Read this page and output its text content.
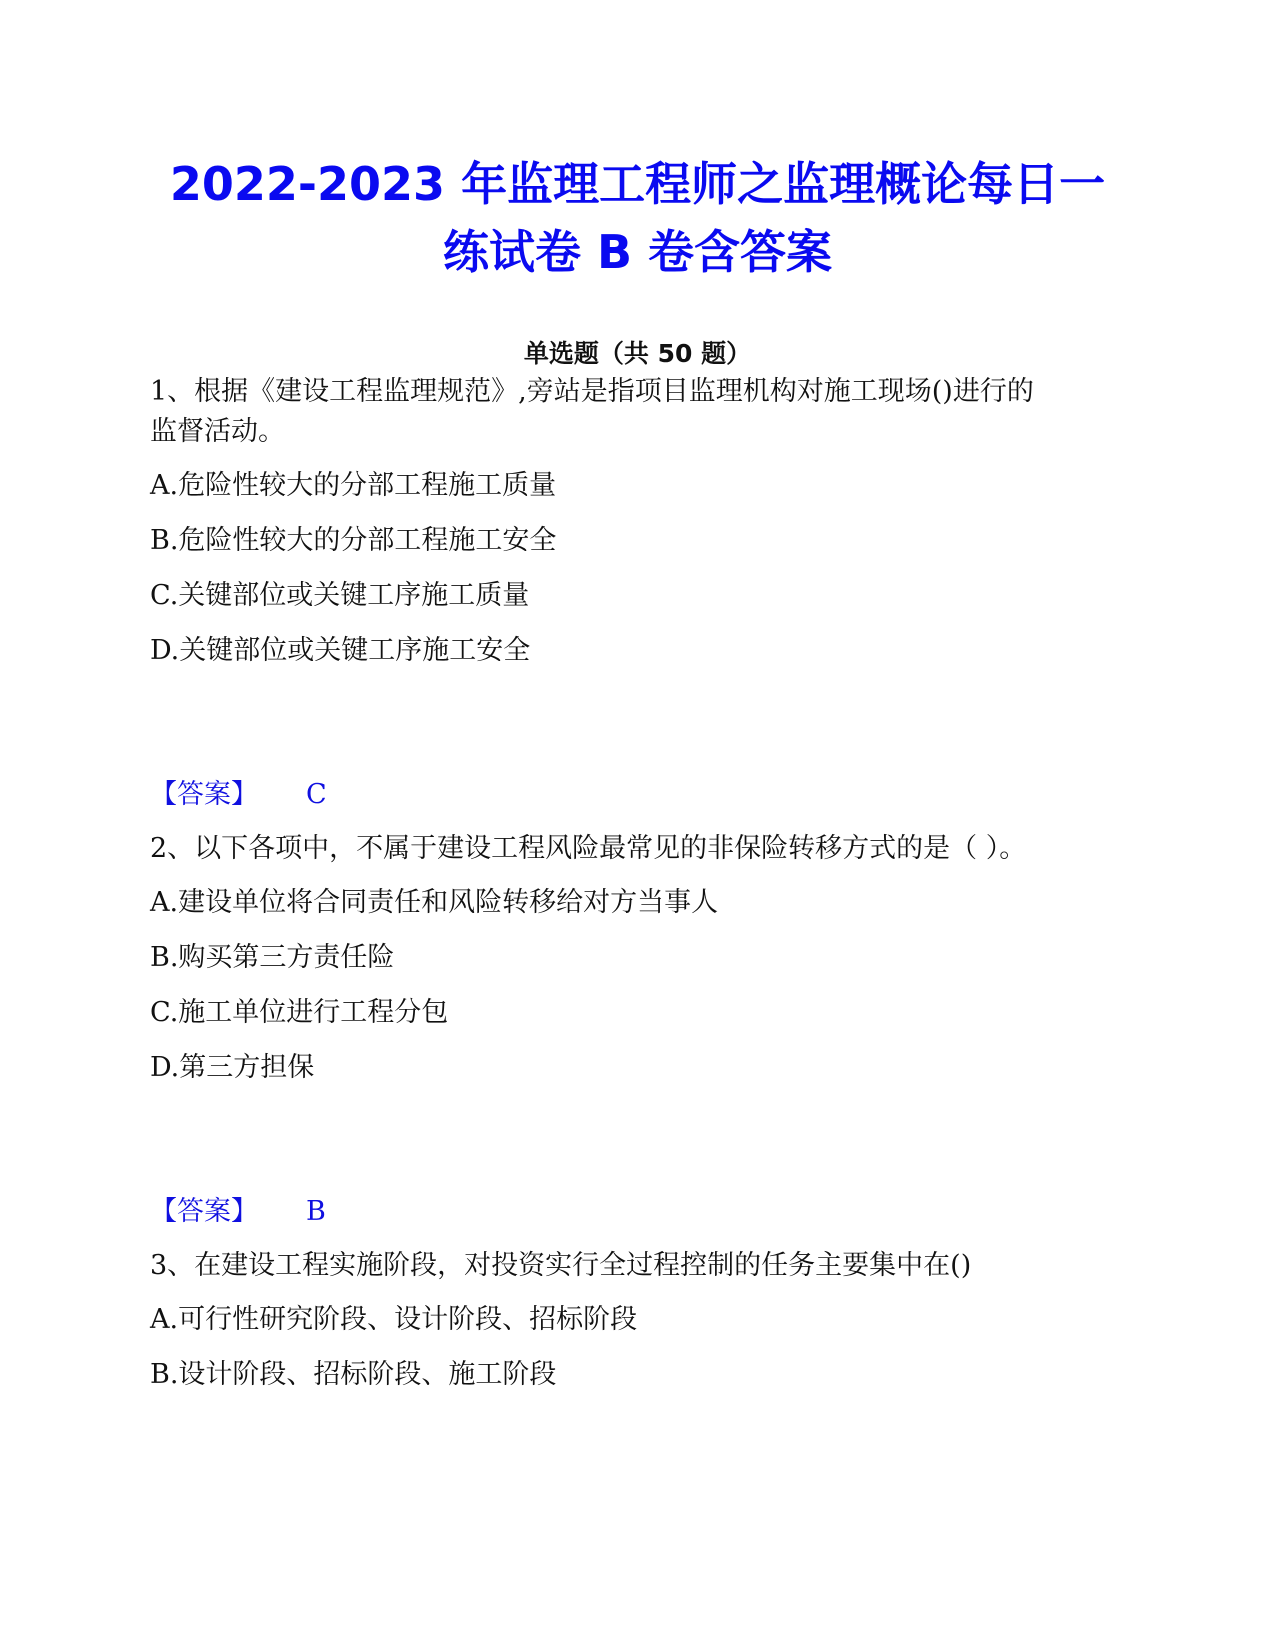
2022-2023 年监理工程师之监理概论每日一
练试卷 B 卷含答案
单选题（共 50 题）
1、根据《建设工程监理规范》,旁站是指项目监理机构对施工现场()进行的
监督活动。
A.危险性较大的分部工程施工质量
B.危险性较大的分部工程施工安全
C.关键部位或关键工序施工质量
D.关键部位或关键工序施工安全
【答案】 C
2、以下各项中，不属于建设工程风险最常见的非保险转移方式的是（ ）。
A.建设单位将合同责任和风险转移给对方当事人
B.购买第三方责任险
C.施工单位进行工程分包
D.第三方担保
【答案】 B
3、在建设工程实施阶段，对投资实行全过程控制的任务主要集中在()
A.可行性研究阶段、设计阶段、招标阶段
B.设计阶段、招标阶段、施工阶段
